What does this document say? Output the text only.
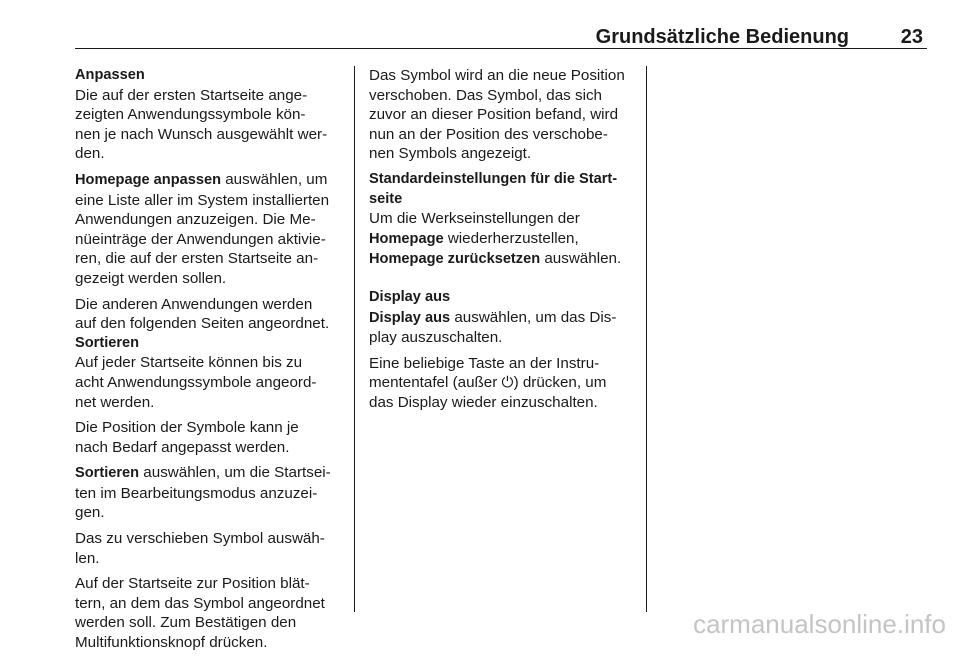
Grundsätzliche Bedienung	23
Anpassen
Die auf der ersten Startseite ange-
zeigten Anwendungssymbole kön-
nen je nach Wunsch ausgewählt wer-
den.
Homepage anpassen auswählen, um
eine Liste aller im System installierten
Anwendungen anzuzeigen. Die Me-
nüeinträge der Anwendungen aktivie-
ren, die auf der ersten Startseite an-
gezeigt werden sollen.
Die anderen Anwendungen werden
auf den folgenden Seiten angeordnet.
Sortieren
Auf jeder Startseite können bis zu
acht Anwendungssymbole angeord-
net werden.
Die Position der Symbole kann je
nach Bedarf angepasst werden.
Sortieren auswählen, um die Startsei-
ten im Bearbeitungsmodus anzuzei-
gen.
Das zu verschieben Symbol auswäh-
len.
Auf der Startseite zur Position blät-
tern, an dem das Symbol angeordnet
werden soll. Zum Bestätigen den
Multifunktionsknopf drücken.
Das Symbol wird an die neue Position
verschoben. Das Symbol, das sich
zuvor an dieser Position befand, wird
nun an der Position des verschobe-
nen Symbols angezeigt.
Standardeinstellungen für die Start-
seite
Um die Werkseinstellungen der
Homepage wiederherzustellen,
Homepage zurücksetzen auswählen.
Display aus
Display aus auswählen, um das Dis-
play auszuschalten.
Eine beliebige Taste an der Instru-
mententafel (außer ⏻) drücken, um
das Display wieder einzuschalten.
carmanualsonline.info
